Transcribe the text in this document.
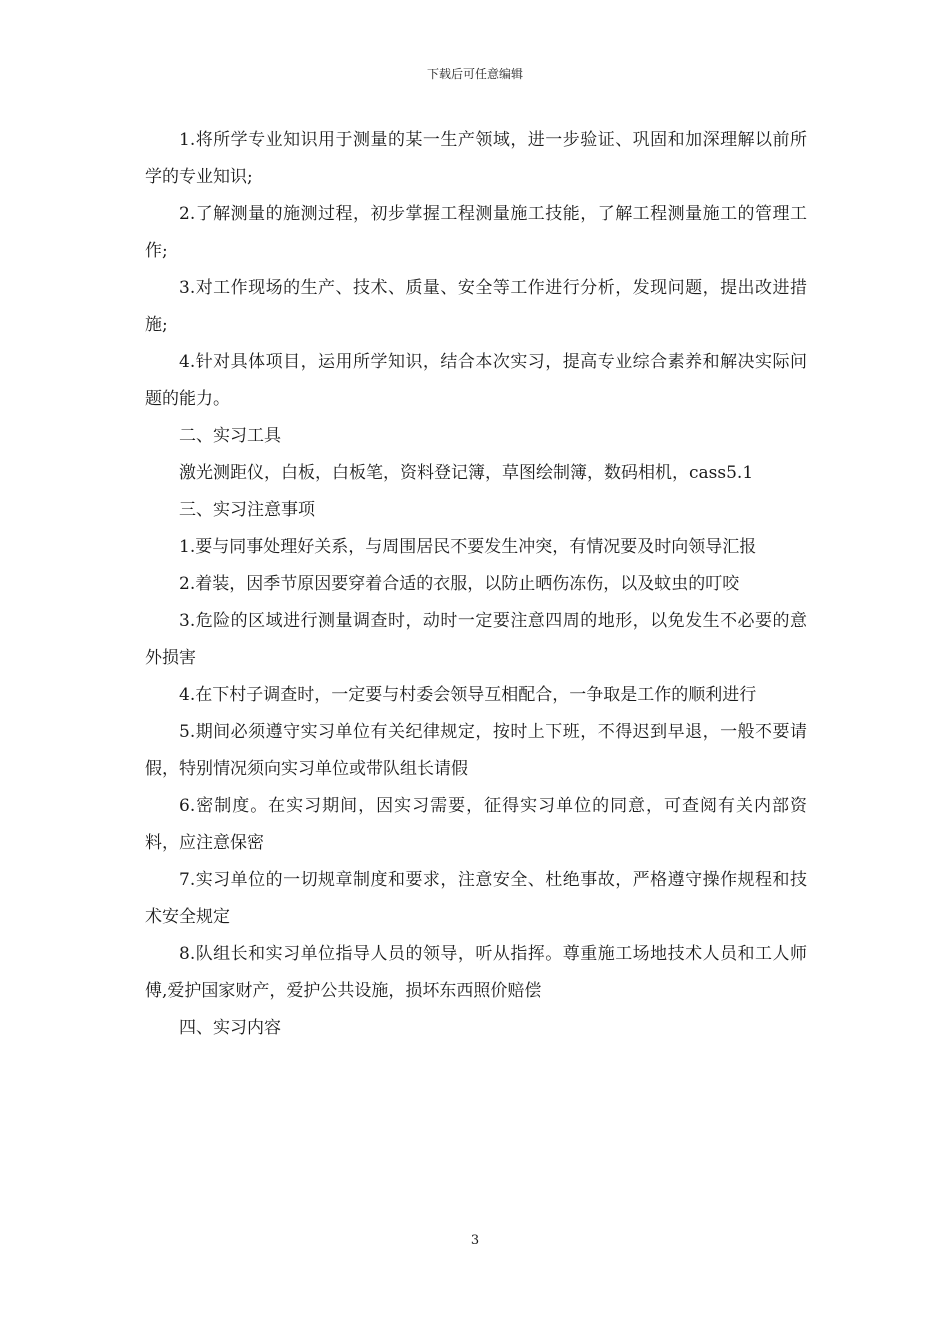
下载后可任意编辑

1.将所学专业知识用于测量的某一生产领域，进一步验证、巩固和加深理解以前所学的专业知识;

2.了解测量的施测过程，初步掌握工程测量施工技能，了解工程测量施工的管理工作;

3.对工作现场的生产、技术、质量、安全等工作进行分析，发现问题，提出改进措施;

4.针对具体项目，运用所学知识，结合本次实习，提高专业综合素养和解决实际问题的能力。

二、实习工具

激光测距仪，白板，白板笔，资料登记簿，草图绘制簿，数码相机，cass5.1

三、实习注意事项

1.要与同事处理好关系，与周围居民不要发生冲突，有情况要及时向领导汇报

2.着装，因季节原因要穿着合适的衣服，以防止晒伤冻伤，以及蚊虫的叮咬

3.危险的区域进行测量调查时，动时一定要注意四周的地形，以免发生不必要的意外损害

4.在下村子调查时，一定要与村委会领导互相配合，一争取是工作的顺利进行

5.期间必须遵守实习单位有关纪律规定，按时上下班，不得迟到早退，一般不要请假，特别情况须向实习单位或带队组长请假

6.密制度。在实习期间，因实习需要，征得实习单位的同意，可查阅有关内部资料，应注意保密

7.实习单位的一切规章制度和要求，注意安全、杜绝事故，严格遵守操作规程和技术安全规定

8.队组长和实习单位指导人员的领导，听从指挥。尊重施工场地技术人员和工人师傅,爱护国家财产，爱护公共设施，损坏东西照价赔偿

四、实习内容

3
